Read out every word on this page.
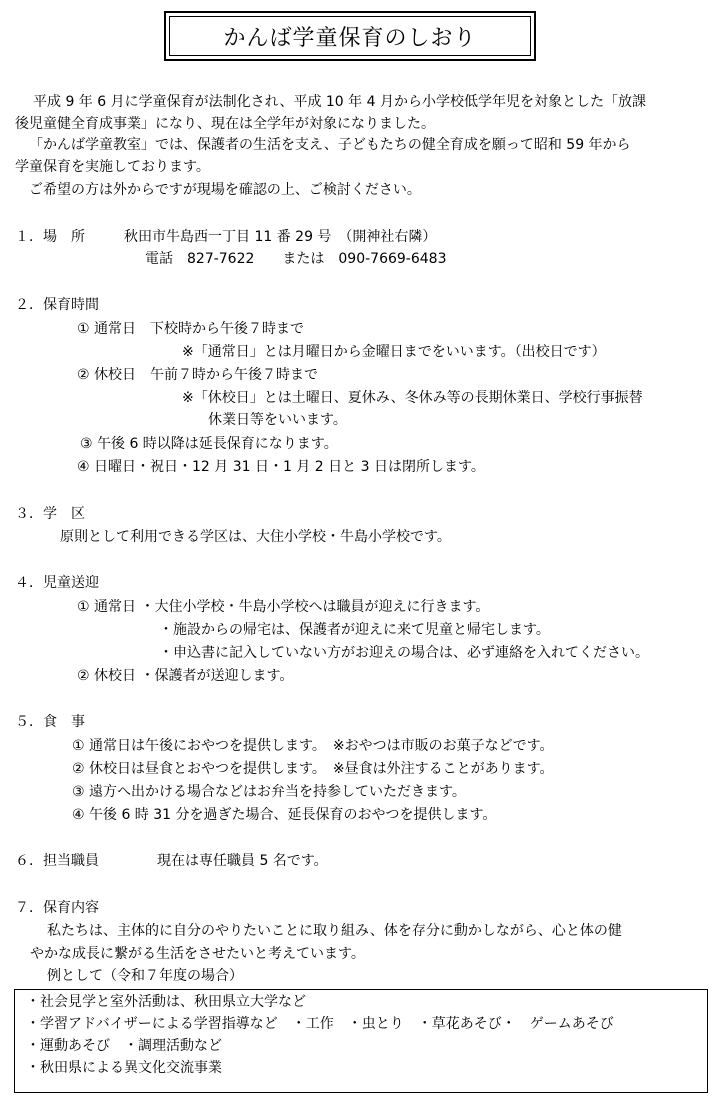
かんば学童保育のしおり
平成 9 年 6 月に学童保育が法制化され、平成 10 年 4 月から小学校低学年児を対象とした「放課
後児童健全育成事業」になり、現在は全学年が対象になりました。
「かんば学童教室」では、保護者の生活を支え、子どもたちの健全育成を願って昭和 59 年から
学童保育を実施しております。
ご希望の方は外からですが現場を確認の上、ご検討ください。
１．場　所	秋田市牛島西一丁目 11 番 29 号　（開神社右隣）
電話　827-7622　　または　090-7669-6483
２．保育時間
① 通常日　下校時から午後７時まで
※「通常日」とは月曜日から金曜日までをいいます。（出校日です）
② 休校日　午前７時から午後７時まで
※「休校日」とは土曜日、夏休み、冬休み等の長期休業日、学校行事振替
休業日等をいいます。
③ 午後 6 時以降は延長保育になります。
④ 日曜日・祝日・12 月 31 日・1 月 2 日と 3 日は閉所します。
３．学　区
原則として利用できる学区は、大住小学校・牛島小学校です。
４．児童送迎
① 通常日 ・大住小学校・牛島小学校へは職員が迎えに行きます。
・施設からの帰宅は、保護者が迎えに来て児童と帰宅します。
・申込書に記入していない方がお迎えの場合は、必ず連絡を入れてください。
② 休校日 ・保護者が送迎します。
５．食　事
① 通常日は午後におやつを提供します。　※おやつは市販のお菓子などです。
② 休校日は昼食とおやつを提供します。　※昼食は外注することがあります。
③ 遠方へ出かける場合などはお弁当を持参していただきます。
④ 午後 6 時 31 分を過ぎた場合、延長保育のおやつを提供します。
６．担当職員	現在は専任職員 5 名です。
７．保育内容
私たちは、主体的に自分のやりたいことに取り組み、体を存分に動かしながら、心と体の健
やかな成長に繋がる生活をさせたいと考えています。
例として（令和７年度の場合）
・社会見学と室外活動は、秋田県立大学など
・学習アドバイザーによる学習指導など　・工作　・虫とり　・草花あそび・　ゲームあそび
・運動あそび　・調理活動など
・秋田県による異文化交流事業
